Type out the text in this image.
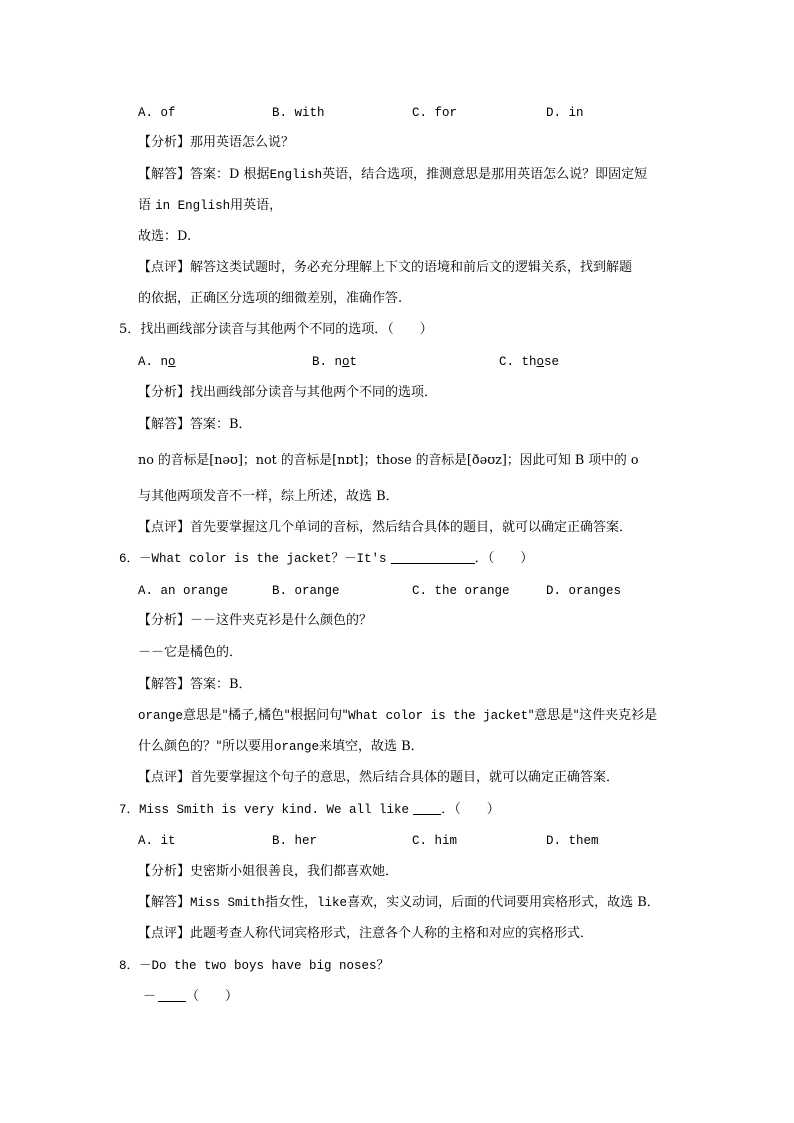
A. of	B. with	C. for	D. in
【分析】那用英语怎么说？
【解答】答案：D 根据English英语，结合选项，推测意思是那用英语怎么说？即固定短
语 in English用英语，
故选：D.
【点评】解答这类试题时，务必充分理解上下文的语境和前后文的逻辑关系，找到解题
的依据，正确区分选项的细微差别，准确作答.
5．找出画线部分读音与其他两个不同的选项．（　　）
A. no	B. not	C. those
【分析】找出画线部分读音与其他两个不同的选项．
【解答】答案：B．
no 的音标是[nəʊ]；not 的音标是[nɒt]；those 的音标是[ðəʊz]；因此可知 B 项中的 o
与其他两项发音不一样，综上所述，故选 B．
【点评】首先要掌握这几个单词的音标，然后结合具体的题目，就可以确定正确答案．
6．－What color is the jacket？－It's	．（　　）
A. an orange	B. orange	C. the orange	D. oranges
【分析】－－这件夹克衫是什么颜色的？
－－它是橘色的．
【解答】答案：B．
orange意思是"橘子,橘色"根据问句"What color is the jacket"意思是"这件夹克衫是
什么颜色的？"所以要用orange来填空，故选 B．
【点评】首先要掌握这个句子的意思，然后结合具体的题目，就可以确定正确答案．
7．Miss Smith is very kind. We all like ．（　　）
A. it	B. her	C. him	D. them
【分析】史密斯小姐很善良，我们都喜欢她．
【解答】Miss Smith指女性，like喜欢，实义动词，后面的代词要用宾格形式，故选 B．
【点评】此题考查人称代词宾格形式，注意各个人称的主格和对应的宾格形式．
8．－Do the two boys have big noses？
－ （　　）
